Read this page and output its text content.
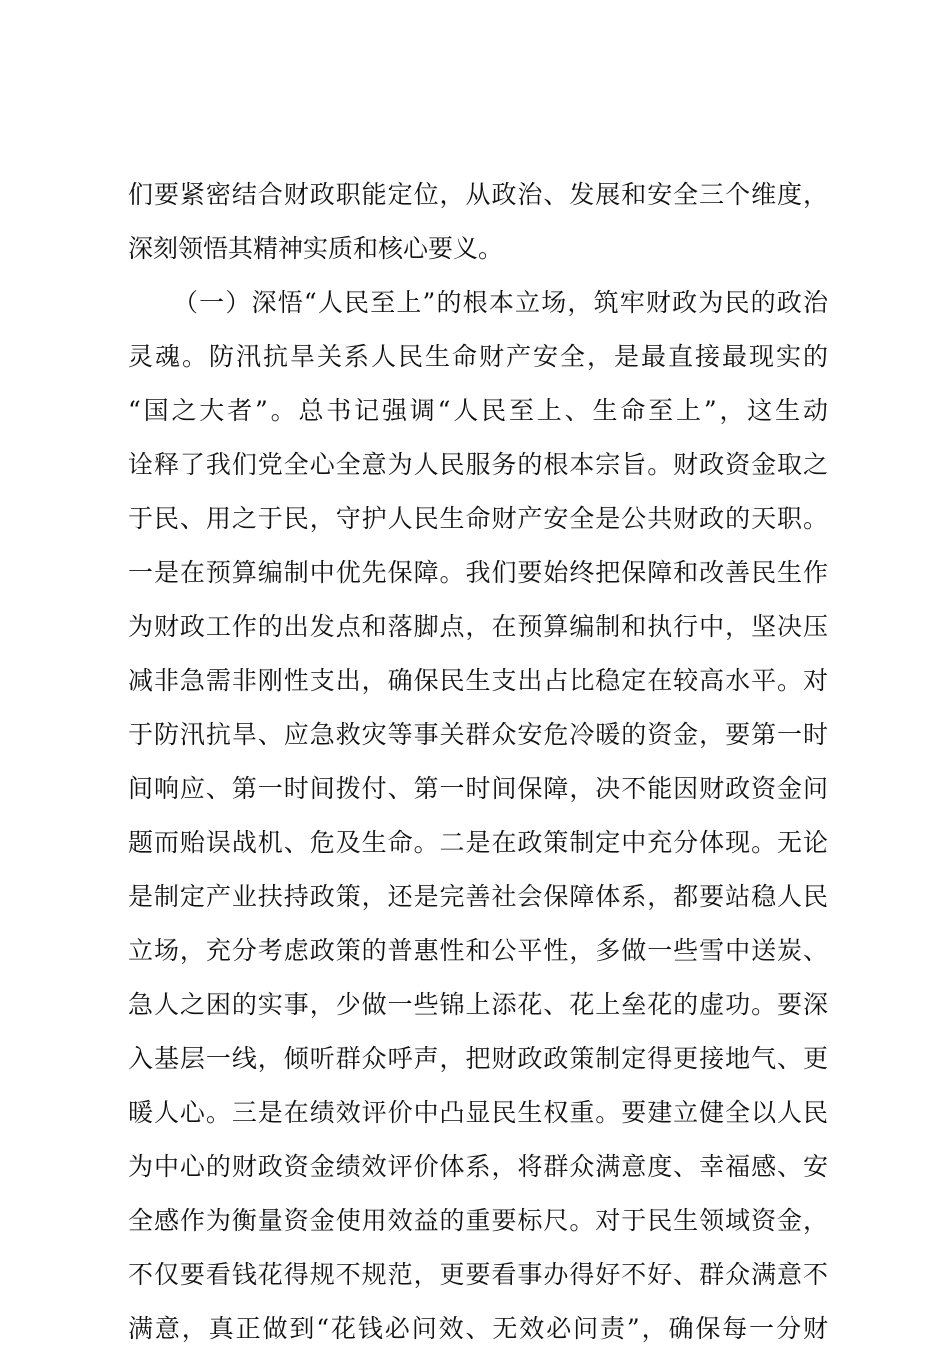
们要紧密结合财政职能定位，从政治、发展和安全三个维度，
深刻领悟其精神实质和核心要义。
（一）深悟“人民至上”的根本立场，筑牢财政为民的政治
灵魂。防汛抗旱关系人民生命财产安全，是最直接最现实的
“国之大者”。总书记强调“人民至上、生命至上”，这生动
诠释了我们党全心全意为人民服务的根本宗旨。财政资金取之
于民、用之于民，守护人民生命财产安全是公共财政的天职。
一是在预算编制中优先保障。我们要始终把保障和改善民生作
为财政工作的出发点和落脚点，在预算编制和执行中，坚决压
减非急需非刚性支出，确保民生支出占比稳定在较高水平。对
于防汛抗旱、应急救灾等事关群众安危冷暖的资金，要第一时
间响应、第一时间拨付、第一时间保障，决不能因财政资金问
题而贻误战机、危及生命。二是在政策制定中充分体现。无论
是制定产业扶持政策，还是完善社会保障体系，都要站稳人民
立场，充分考虑政策的普惠性和公平性，多做一些雪中送炭、
急人之困的实事，少做一些锦上添花、花上垒花的虚功。要深
入基层一线，倾听群众呼声，把财政政策制定得更接地气、更
暖人心。三是在绩效评价中凸显民生权重。要建立健全以人民
为中心的财政资金绩效评价体系，将群众满意度、幸福感、安
全感作为衡量资金使用效益的重要标尺。对于民生领域资金，
不仅要看钱花得规不规范，更要看事办得好不好、群众满意不
满意，真正做到“花钱必问效、无效必问责”，确保每一分财
